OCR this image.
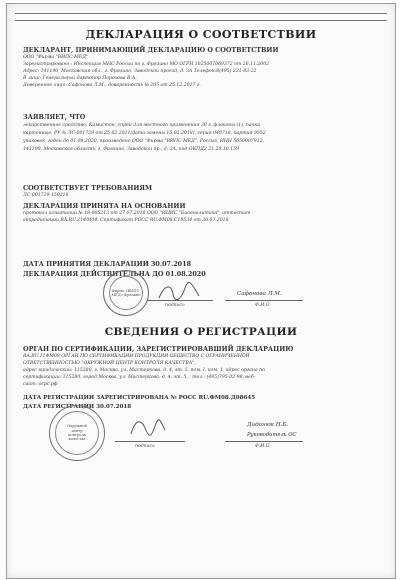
ДЕКЛАРАЦИЯ О СООТВЕТСТВИИ
ДЕКЛАРАНТ, ПРИНИМАЮЩИЙ ДЕКЛАРАЦИЮ О СООТВЕТСТВИИ
ООО "Фирма "ВИПС-МЕД"
Зарегистрировано : Инспекция МНС России по г. Фрязино МО ОГРН 1025007069372 от 26.11.2002
Адрес: 141190, Московская обл., г. Фрязино, Заводской проезд, д. 3А Телефон:8(495) 221-83-22
В лице: Генеральный директор Порохова В.А.
Доверенное лицо: Сафонова Л.М., доверенность № 205 от 25.12.2017 г.
ЗАЯВЛЯЕТ, ЧТО
лекарственное средство: Камистон, спрей для местного применения 30 г, флаконы (1), пачки
картонные, РУ № ЛС-001729 от 25.02.2011(дата замены 15.02.2018), серия 049718, партия 9552
упаковок, годен до 01.08.2020, произведено ООО "Фирма "ВИПС-МЕД", Россия, ИНН 5050007912,
141190, Московская область, г. Фрязино, Заводской пр., д. 3А, код ОКПД2 21.20.10.159
СООТВЕТСТВУЕТ ТРЕБОВАНИЯМ
ЛС-001729-150218
ДЕКЛАРАЦИЯ ПРИНЯТА НА ОСНОВАНИИ
протокол испытаний № 18-005213 от 27.07.2018 ООО "ИЦИС "Биоаналитика", аттестат
аккредитации RA.RU.21ФМ04, Сертификат РОСС RU.ФМ08.С19534 от 30.07.2018
ДАТА ПРИНЯТИЯ ДЕКЛАРАЦИИ 30.07.2018
ДЕКЛАРАЦИЯ ДЕЙСТВИТЕЛЬНА ДО 01.08.2020
Фирма «ВИПС-МЕД» Фрязино
подпись
Сафонова Л.М.
Ф.И.О
СВЕДЕНИЯ О РЕГИСТРАЦИИ
ОРГАН ПО СЕРТИФИКАЦИИ, ЗАРЕГИСТРИРОВАВШИЙ ДЕКЛАРАЦИЮ
RA.RU.11ФМ08 ОРГАН ПО СЕРТИФИКАЦИИ ПРОДУКЦИИ ОБЩЕСТВО С ОГРАНИЧЕННОЙ
ОТВЕТСТВЕННОСТЬЮ "ОКРУЖНОЙ ЦЕНТР КОНТРОЛЯ КАЧЕСТВА",
адрес юридический: 115280, г. Москва, ул. Мастеркова, д. 4, эт. 5, пом. I, ком. 1, адрес органа по
сертификации: 115280, город Москва, ул. Мастеркова, д. 4, эт. 5, , тел.: (495)795-02-98, веб-
сайт: ocpс.рф
ДАТА РЕГИСТРАЦИИ ЗАРЕГИСТРИРОВАНА № РОСС RU.ФМ08.Д08645
ДАТА РЕГИСТРАЦИИ 30.07.2018
Окружной центр контроля качества
подпись
Дидонюк Н.Б.
Руководитель ОС
Ф.И.О
